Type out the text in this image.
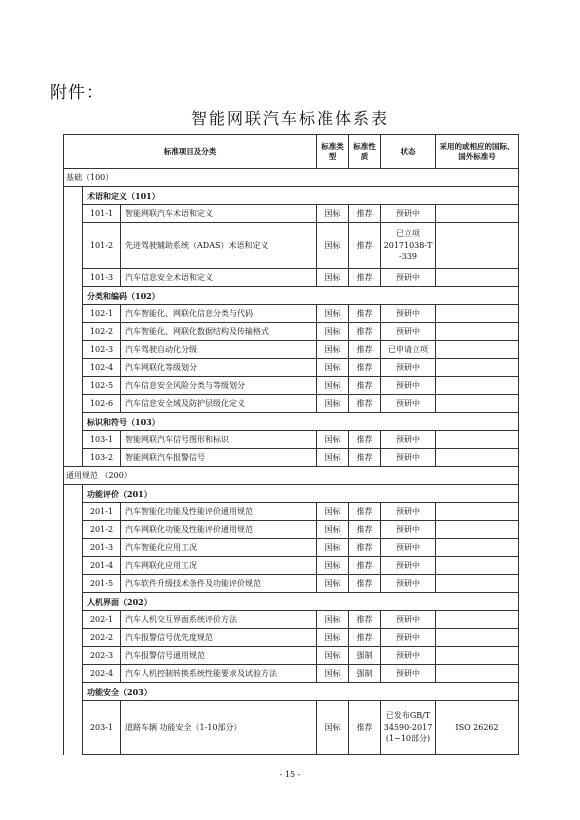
附件：
智能网联汽车标准体系表
标准项目及分类			标准类型	标准性质	状态	采用的或相应的国际、国外标准号
基础（100）						
	术语和定义（101）					
	101-1	智能网联汽车术语和定义	国标	推荐	预研中	
	101-2	先进驾驶辅助系统（ADAS）术语和定义	国标	推荐	已立项 20171038-T -339	
	101-3	汽车信息安全术语和定义	国标	推荐	预研中	
	分类和编码（102）					
	102-1	汽车智能化、网联化信息分类与代码	国标	推荐	预研中	
	102-2	汽车智能化、网联化数据结构及传输格式	国标	推荐	预研中	
	102-3	汽车驾驶自动化分级	国标	推荐	已申请立项	
	102-4	汽车网联化等级划分	国标	推荐	预研中	
	102-5	汽车信息安全风险分类与等级划分	国标	推荐	预研中	
	102-6	汽车信息安全域及防护层级化定义	国标	推荐	预研中	
	标识和符号（103）					
	103-1	智能网联汽车信号图形和标识	国标	推荐	预研中	
	103-2	智能网联汽车报警信号	国标	推荐	预研中	
通用规范 （200）						
	功能评价（201）					
	201-1	汽车智能化功能及性能评价通用规范	国标	推荐	预研中	
	201-2	汽车网联化功能及性能评价通用规范	国标	推荐	预研中	
	201-3	汽车智能化应用工况	国标	推荐	预研中	
	201-4	汽车网联化应用工况	国标	推荐	预研中	
	201-5	汽车软件升级技术条件及功能评价规范	国标	推荐	预研中	
	人机界面（202）					
	202-1	汽车人机交互界面系统评价方法	国标	推荐	预研中	
	202-2	汽车报警信号优先度规范	国标	推荐	预研中	
	202-3	汽车报警信号通用规范	国标	强制	预研中	
	202-4	汽车人机控制转换系统性能要求及试验方法	国标	强制	预研中	
	功能安全（203）					
	203-1	道路车辆 功能安全（1-10部分）	国标	推荐	已发布GB/T 34590-2017 (1~10部分)	ISO 26262
- 15 -
